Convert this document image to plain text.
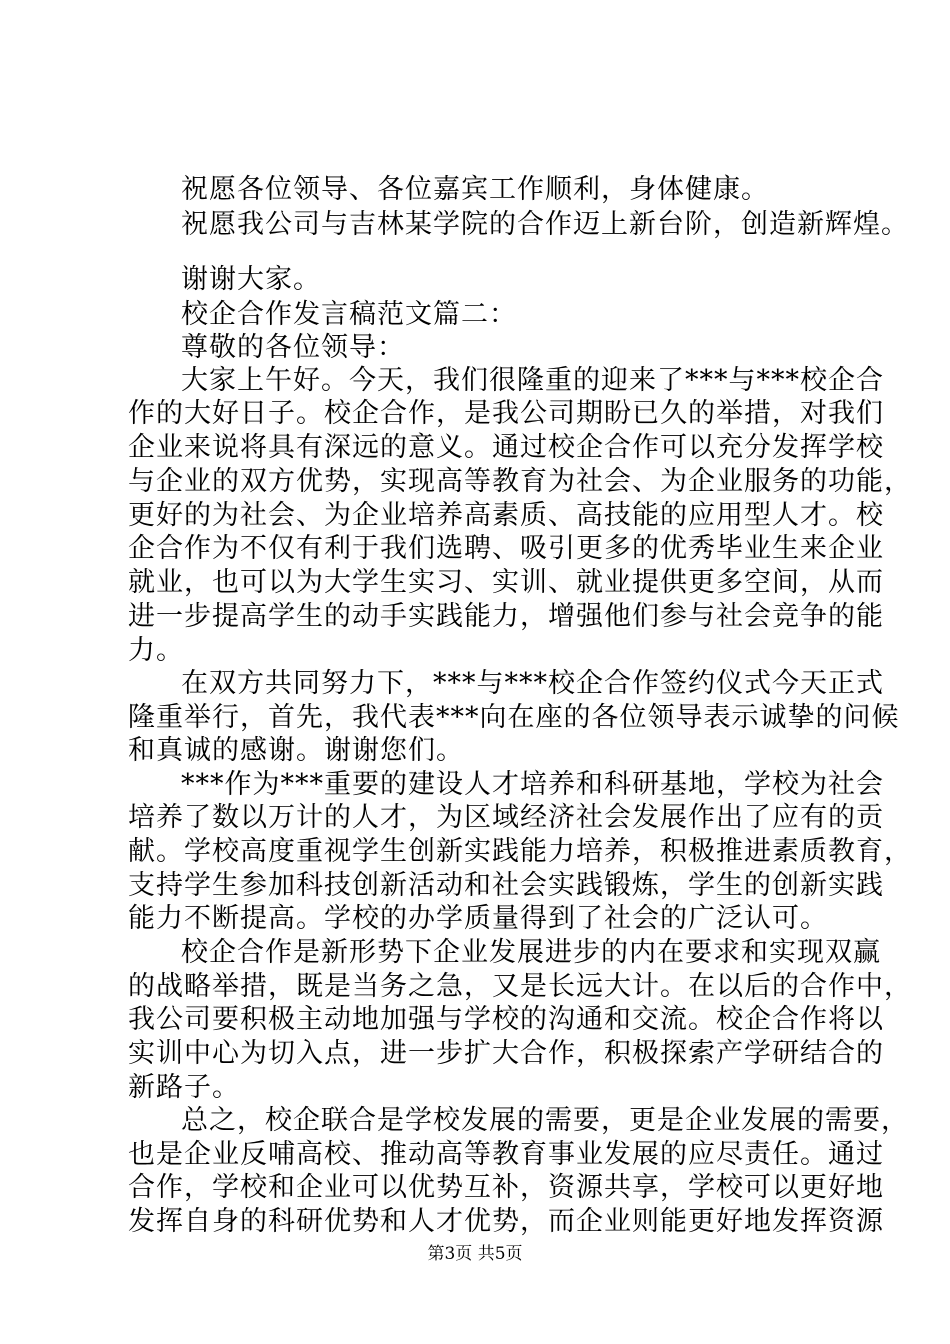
祝愿各位领导、各位嘉宾工作顺利，身体健康。
祝愿我公司与吉林某学院的合作迈上新台阶，创造新辉煌。
谢谢大家。
校企合作发言稿范文篇二：
尊敬的各位领导：
大家上午好。今天，我们很隆重的迎来了***与***校企合
作的大好日子。校企合作，是我公司期盼已久的举措，对我们
企业来说将具有深远的意义。通过校企合作可以充分发挥学校
与企业的双方优势，实现高等教育为社会、为企业服务的功能，
更好的为社会、为企业培养高素质、高技能的应用型人才。校
企合作为不仅有利于我们选聘、吸引更多的优秀毕业生来企业
就业，也可以为大学生实习、实训、就业提供更多空间，从而
进一步提高学生的动手实践能力，增强他们参与社会竞争的能
力。
在双方共同努力下，***与***校企合作签约仪式今天正式
隆重举行，首先，我代表***向在座的各位领导表示诚挚的问候
和真诚的感谢。谢谢您们。
***作为***重要的建设人才培养和科研基地，学校为社会
培养了数以万计的人才，为区域经济社会发展作出了应有的贡
献。学校高度重视学生创新实践能力培养，积极推进素质教育，
支持学生参加科技创新活动和社会实践锻炼，学生的创新实践
能力不断提高。学校的办学质量得到了社会的广泛认可。
校企合作是新形势下企业发展进步的内在要求和实现双赢
的战略举措，既是当务之急，又是长远大计。在以后的合作中，
我公司要积极主动地加强与学校的沟通和交流。校企合作将以
实训中心为切入点，进一步扩大合作，积极探索产学研结合的
新路子。
总之，校企联合是学校发展的需要，更是企业发展的需要，
也是企业反哺高校、推动高等教育事业发展的应尽责任。通过
合作，学校和企业可以优势互补，资源共享，学校可以更好地
发挥自身的科研优势和人才优势，而企业则能更好地发挥资源
第3页 共5页
